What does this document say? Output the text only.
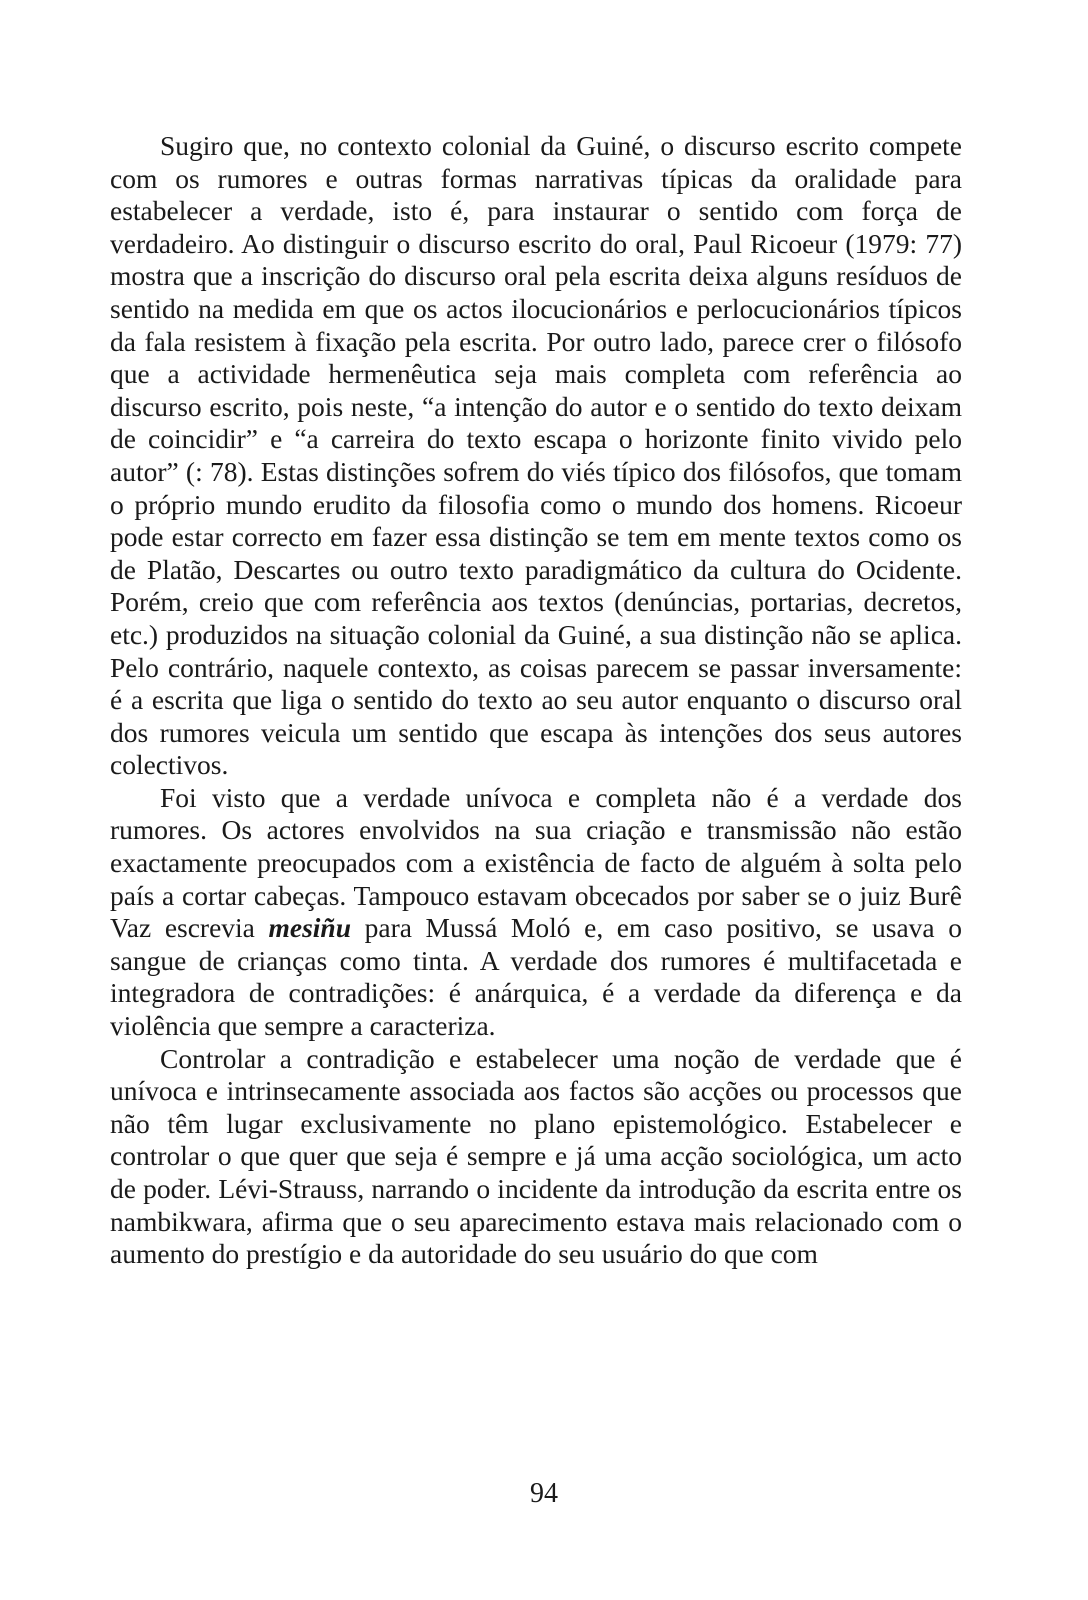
Sugiro que, no contexto colonial da Guiné, o discurso escrito compete com os rumores e outras formas narrativas típicas da oralidade para estabelecer a verdade, isto é, para instaurar o sentido com força de verdadeiro. Ao distinguir o discurso escrito do oral, Paul Ricoeur (1979: 77) mostra que a inscrição do discurso oral pela escrita deixa alguns resíduos de sentido na medida em que os actos ilocucionários e perlocucionários típicos da fala resistem à fixação pela escrita. Por outro lado, parece crer o filósofo que a actividade hermenêutica seja mais completa com referência ao discurso escrito, pois neste, “a intenção do autor e o sentido do texto deixam de coincidir” e “a carreira do texto escapa o horizonte finito vivido pelo autor” (: 78). Estas distinções sofrem do viés típico dos filósofos, que tomam o próprio mundo erudito da filosofia como o mundo dos homens. Ricoeur pode estar correcto em fazer essa distinção se tem em mente textos como os de Platão, Descartes ou outro texto paradigmático da cultura do Ocidente. Porém, creio que com referência aos textos (denúncias, portarias, decretos, etc.) produzidos na situação colonial da Guiné, a sua distinção não se aplica. Pelo contrário, naquele contexto, as coisas parecem se passar inversamente: é a escrita que liga o sentido do texto ao seu autor enquanto o discurso oral dos rumores veicula um sentido que escapa às intenções dos seus autores colectivos.

Foi visto que a verdade unívoca e completa não é a verdade dos rumores. Os actores envolvidos na sua criação e transmissão não estão exactamente preocupados com a existência de facto de alguém à solta pelo país a cortar cabeças. Tampouco estavam obcecados por saber se o juiz Burê Vaz escrevia mesiñu para Mussá Moló e, em caso positivo, se usava o sangue de crianças como tinta. A verdade dos rumores é multifacetada e integradora de contradições: é anárquica, é a verdade da diferença e da violência que sempre a caracteriza.

Controlar a contradição e estabelecer uma noção de verdade que é unívoca e intrinsecamente associada aos factos são acções ou processos que não têm lugar exclusivamente no plano epistemológico. Estabelecer e controlar o que quer que seja é sempre e já uma acção sociológica, um acto de poder. Lévi-Strauss, narrando o incidente da introdução da escrita entre os nambikwara, afirma que o seu aparecimento estava mais relacionado com o aumento do prestígio e da autoridade do seu usuário do que com

94
